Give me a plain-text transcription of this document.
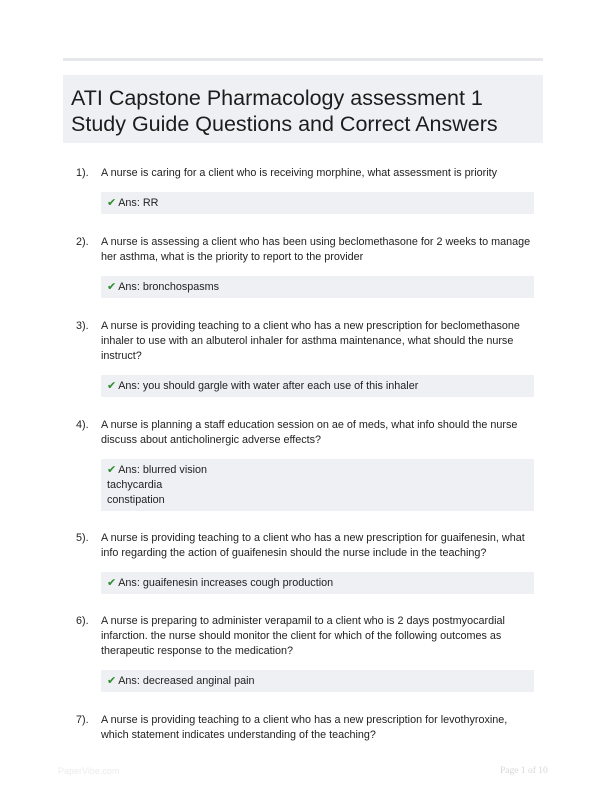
ATI Capstone Pharmacology assessment 1
Study Guide Questions and Correct Answers
1). A nurse is caring for a client who is receiving morphine, what assessment is priority
✔ Ans: RR
2). A nurse is assessing a client who has been using beclomethasone for 2 weeks to manage her asthma, what is the priority to report to the provider
✔ Ans: bronchospasms
3). A nurse is providing teaching to a client who has a new prescription for beclomethasone inhaler to use with an albuterol inhaler for asthma maintenance, what should the nurse instruct?
✔ Ans: you should gargle with water after each use of this inhaler
4). A nurse is planning a staff education session on ae of meds, what info should the nurse discuss about anticholinergic adverse effects?
✔ Ans: blurred vision
tachycardia
constipation
5). A nurse is providing teaching to a client who has a new prescription for guaifenesin, what info regarding the action of guaifenesin should the nurse include in the teaching?
✔ Ans: guaifenesin increases cough production
6). A nurse is preparing to administer verapamil to a client who is 2 days postmyocardial infarction. the nurse should monitor the client for which of the following outcomes as therapeutic response to the medication?
✔ Ans: decreased anginal pain
7). A nurse is providing teaching to a client who has a new prescription for levothyroxine, which statement indicates understanding of the teaching?
PaperVibe.com	Page 1 of 10
